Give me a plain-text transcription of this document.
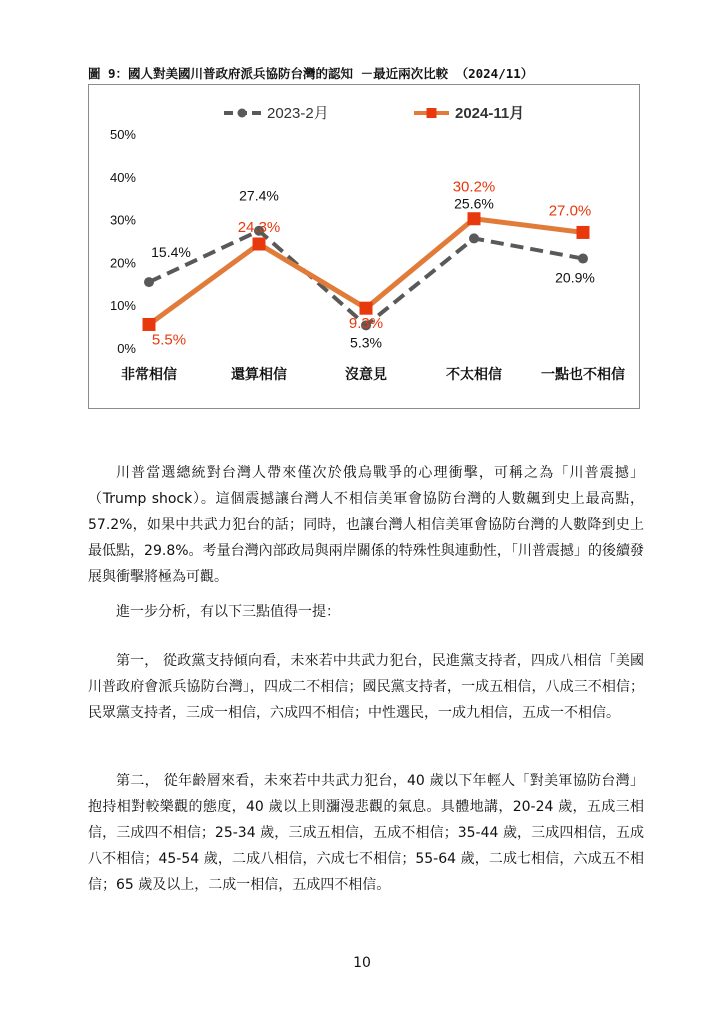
圖 9：國人對美國川普政府派兵協防台灣的認知 －最近兩次比較 （2024/11）
0%
10%
20%
30%
40%
50%
非常相信	還算相信	沒意見	不太相信	一點也不相信
2023-2月	2024-11月
15.4%
27.4%
5.3%
25.6%
20.9%
5.5%
24.3%
9.3%
30.2%
27.0%

川普當選總統對台灣人帶來僅次於俄烏戰爭的心理衝擊，可稱之為「川普震撼」（Trump shock）。這個震撼讓台灣人不相信美軍會協防台灣的人數飆到史上最高點，57.2%，如果中共武力犯台的話；同時，也讓台灣人相信美軍會協防台灣的人數降到史上最低點，29.8%。考量台灣內部政局與兩岸關係的特殊性與連動性，「川普震撼」的後續發展與衝擊將極為可觀。

進一步分析，有以下三點值得一提：

第一， 從政黨支持傾向看，未來若中共武力犯台，民進黨支持者，四成八相信「美國川普政府會派兵協防台灣」，四成二不相信；國民黨支持者，一成五相信，八成三不相信；民眾黨支持者，三成一相信，六成四不相信；中性選民，一成九相信，五成一不相信。

第二， 從年齡層來看，未來若中共武力犯台，40 歲以下年輕人「對美軍協防台灣」抱持相對較樂觀的態度，40 歲以上則瀰漫悲觀的氣息。具體地講，20-24 歲，五成三相信，三成四不相信；25-34 歲，三成五相信，五成不相信；35-44 歲，三成四相信，五成八不相信；45-54 歲，二成八相信，六成七不相信；55-64 歲，二成七相信，六成五不相信；65 歲及以上，二成一相信，五成四不相信。

10
